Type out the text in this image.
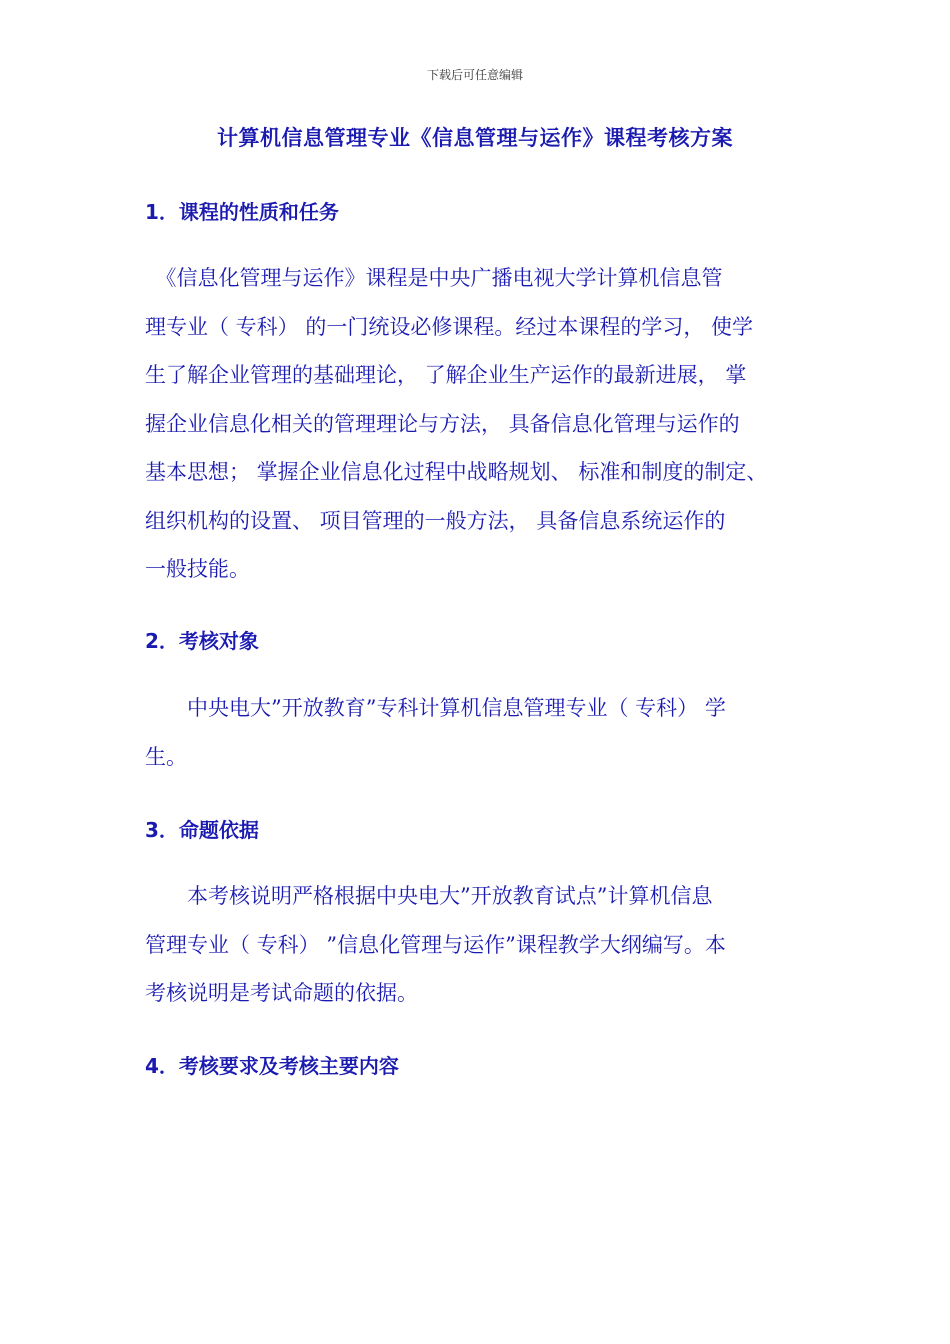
下载后可任意编辑
计算机信息管理专业《信息管理与运作》课程考核方案
1．课程的性质和任务
　《信息化管理与运作》课程是中央广播电视大学计算机信息管
理专业（ 专科） 的一门统设必修课程。经过本课程的学习， 使学
生了解企业管理的基础理论， 了解企业生产运作的最新进展， 掌
握企业信息化相关的管理理论与方法， 具备信息化管理与运作的
基本思想； 掌握企业信息化过程中战略规划、 标准和制度的制定、
组织机构的设置、 项目管理的一般方法， 具备信息系统运作的
一般技能。
2．考核对象
　　中央电大”开放教育”专科计算机信息管理专业（ 专科） 学
生。
3．命题依据
　　本考核说明严格根据中央电大”开放教育试点”计算机信息
管理专业（ 专科） ”信息化管理与运作”课程教学大纲编写。本
考核说明是考试命题的依据。
4．考核要求及考核主要内容
